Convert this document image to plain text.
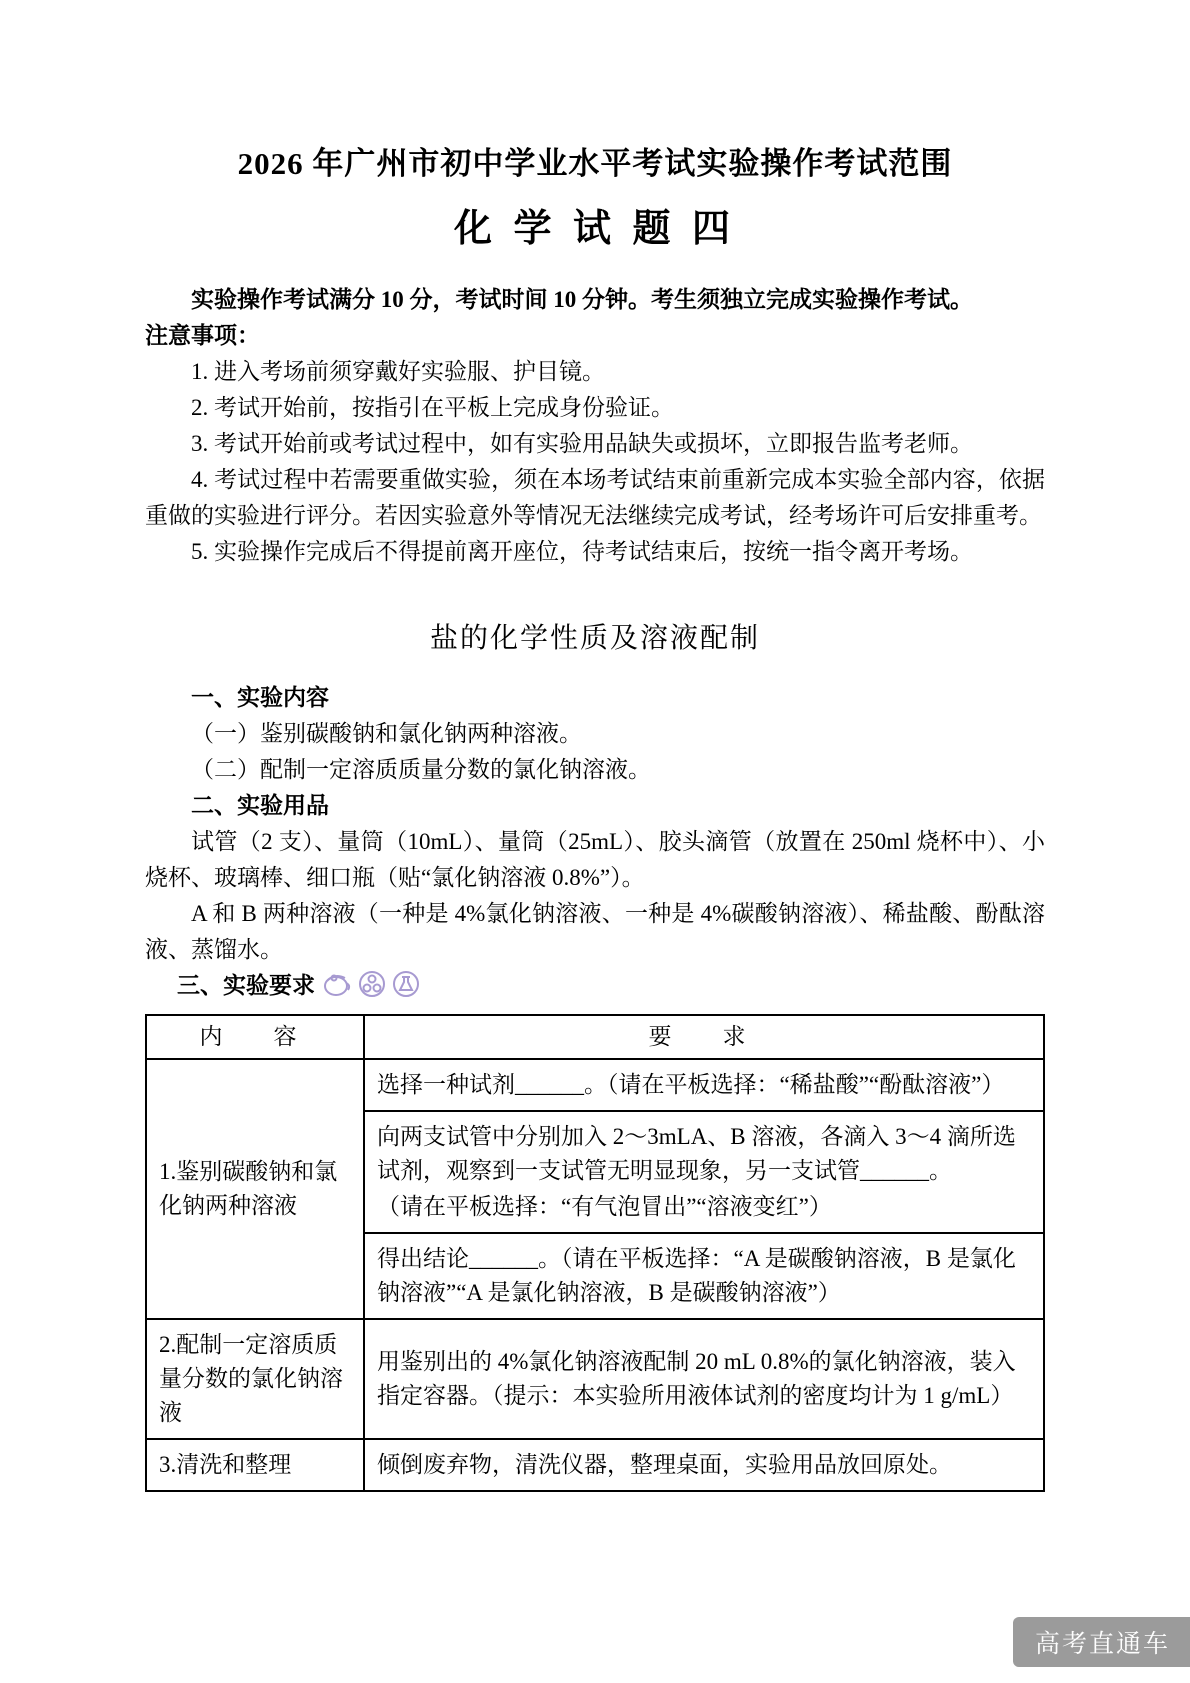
2026 年广州市初中学业水平考试实验操作考试范围
化 学 试 题 四

实验操作考试满分 10 分，考试时间 10 分钟。考生须独立完成实验操作考试。

注意事项：

1. 进入考场前须穿戴好实验服、护目镜。

2. 考试开始前，按指引在平板上完成身份验证。

3. 考试开始前或考试过程中，如有实验用品缺失或损坏，立即报告监考老师。

4. 考试过程中若需要重做实验，须在本场考试结束前重新完成本实验全部内容，依据重做的实验进行评分。若因实验意外等情况无法继续完成考试，经考场许可后安排重考。

5. 实验操作完成后不得提前离开座位，待考试结束后，按统一指令离开考场。

盐的化学性质及溶液配制

一、实验内容

（一）鉴别碳酸钠和氯化钠两种溶液。

（二）配制一定溶质质量分数的氯化钠溶液。

二、实验用品

试管（2 支）、量筒（10mL）、量筒（25mL）、胶头滴管（放置在 250ml 烧杯中）、小烧杯、玻璃棒、细口瓶（贴“氯化钠溶液 0.8%”）。

A 和 B 两种溶液（一种是 4%氯化钠溶液、一种是 4%碳酸钠溶液）、稀盐酸、酚酞溶液、蒸馏水。

三、实验要求
内　容	要　求
1.鉴别碳酸钠和氯化钠两种溶液	选择一种试剂______。（请在平板选择：“稀盐酸”“酚酞溶液”）

	向两支试管中分别加入 2～3mLA、B 溶液，各滴入 3～4 滴所选试剂，观察到一支试管无明显现象，另一支试管______。
（请在平板选择：“有气泡冒出”“溶液变红”）

	得出结论______。（请在平板选择：“A 是碳酸钠溶液，B 是氯化钠溶液”“A 是氯化钠溶液，B 是碳酸钠溶液”）
2.配制一定溶质质量分数的氯化钠溶液	用鉴别出的 4%氯化钠溶液配制 20 mL 0.8%的氯化钠溶液，装入指定容器。（提示：本实验所用液体试剂的密度均计为 1 g/mL）
3.清洗和整理	倾倒废弃物，清洗仪器，整理桌面，实验用品放回原处。
高考直通车
